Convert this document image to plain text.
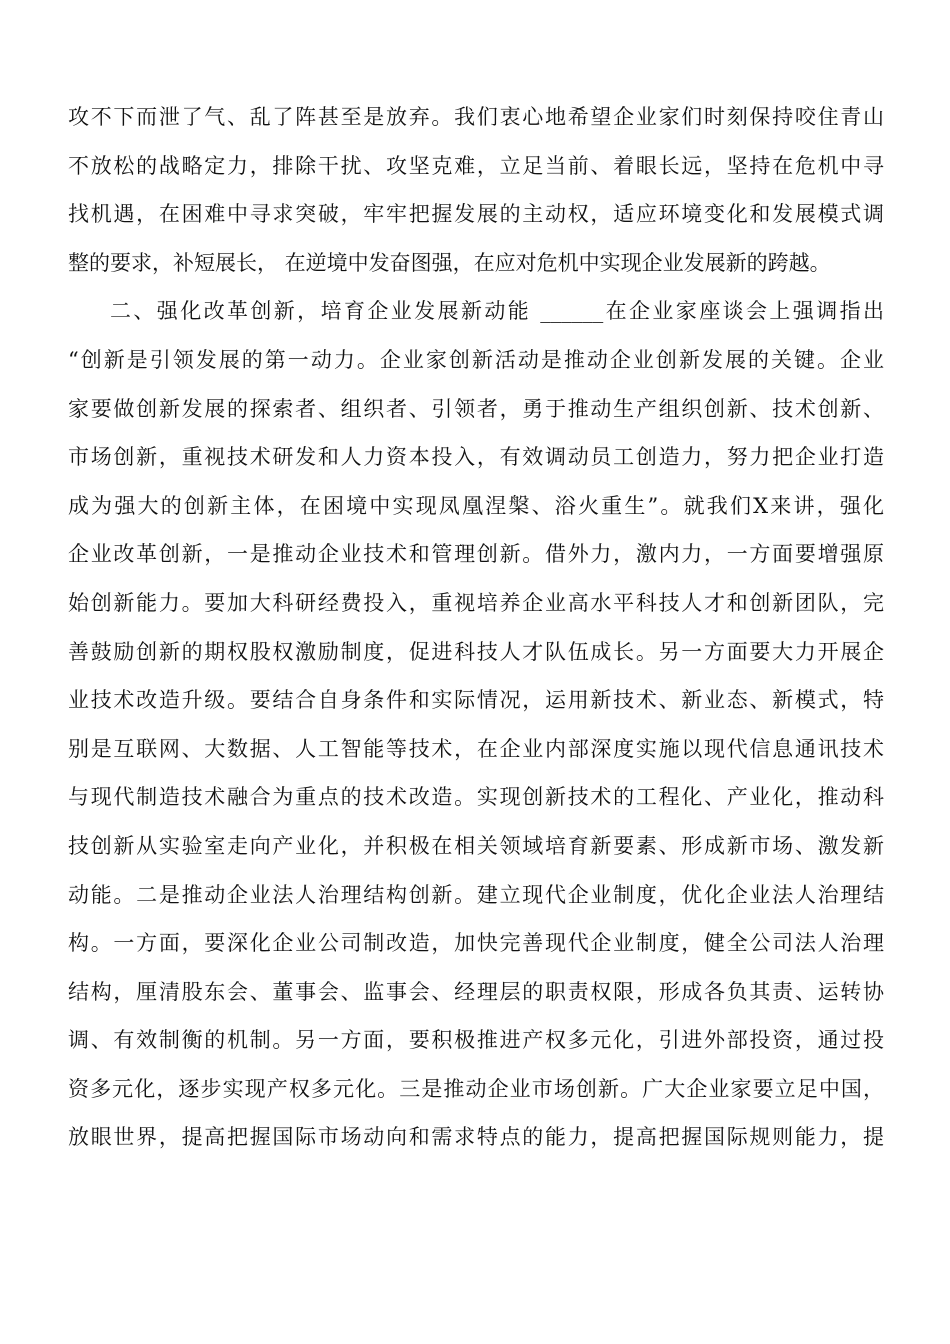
攻不下而泄了气、乱了阵甚至是放弃。我们衷心地希望企业家们时刻保持咬住青山
不放松的战略定力，排除干扰、攻坚克难，立足当前、着眼长远，坚持在危机中寻
找机遇，在困难中寻求突破，牢牢把握发展的主动权，适应环境变化和发展模式调
整的要求，补短展长， 在逆境中发奋图强，在应对危机中实现企业发展新的跨越。
二、强化改革创新，培育企业发展新动能 ______在企业家座谈会上强调指出
“创新是引领发展的第一动力。企业家创新活动是推动企业创新发展的关键。企业
家要做创新发展的探索者、组织者、引领者，勇于推动生产组织创新、技术创新、
市场创新，重视技术研发和人力资本投入，有效调动员工创造力，努力把企业打造
成为强大的创新主体，在困境中实现凤凰涅槃、浴火重生”。就我们X来讲，强化
企业改革创新，一是推动企业技术和管理创新。借外力，激内力，一方面要增强原
始创新能力。要加大科研经费投入，重视培养企业高水平科技人才和创新团队，完
善鼓励创新的期权股权激励制度，促进科技人才队伍成长。另一方面要大力开展企
业技术改造升级。要结合自身条件和实际情况，运用新技术、新业态、新模式，特
别是互联网、大数据、人工智能等技术，在企业内部深度实施以现代信息通讯技术
与现代制造技术融合为重点的技术改造。实现创新技术的工程化、产业化，推动科
技创新从实验室走向产业化，并积极在相关领域培育新要素、形成新市场、激发新
动能。二是推动企业法人治理结构创新。建立现代企业制度，优化企业法人治理结
构。一方面，要深化企业公司制改造，加快完善现代企业制度，健全公司法人治理
结构，厘清股东会、董事会、监事会、经理层的职责权限，形成各负其责、运转协
调、有效制衡的机制。另一方面，要积极推进产权多元化，引进外部投资，通过投
资多元化，逐步实现产权多元化。三是推动企业市场创新。广大企业家要立足中国，
放眼世界，提高把握国际市场动向和需求特点的能力，提高把握国际规则能力，提
